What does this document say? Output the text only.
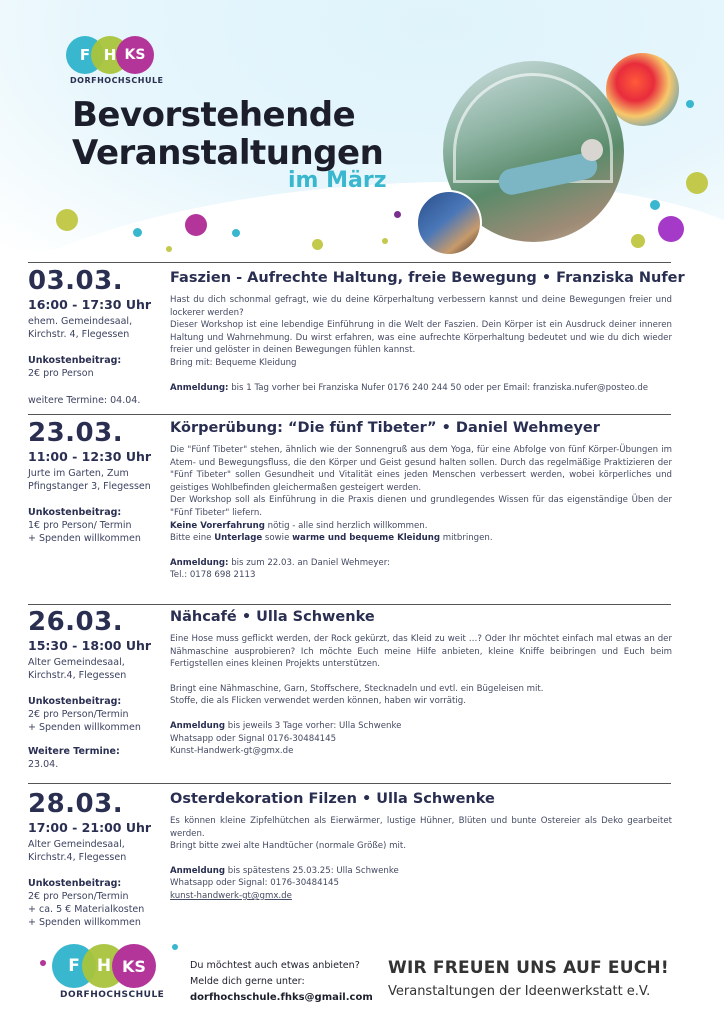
F H KS
DORFHOCHSCHULE
Bevorstehende
Veranstaltungen
im März
03.03.
16:00 - 17:30 Uhr
ehem. Gemeindesaal,
Kirchstr. 4, Flegessen
Unkostenbeitrag:
2€ pro Person
weitere Termine: 04.04.
Faszien - Aufrechte Haltung, freie Bewegung • Franziska Nufer

Hast du dich schonmal gefragt, wie du deine Körperhaltung verbessern kannst und deine Bewegungen freier und lockerer werden?

Dieser Workshop ist eine lebendige Einführung in die Welt der Faszien. Dein Körper ist ein Ausdruck deiner inneren Haltung und Wahrnehmung. Du wirst erfahren, was eine aufrechte Körperhaltung bedeutet und wie du dich wieder freier und gelöster in deinen Bewegungen fühlen kannst.

Bring mit: Bequeme Kleidung

Anmeldung: bis 1 Tag vorher bei Franziska Nufer 0176 240 244 50 oder per Email: franziska.nufer@posteo.de

23.03.
11:00 - 12:30 Uhr
Jurte im Garten, Zum
Pfingstanger 3, Flegessen
Unkostenbeitrag:
1€ pro Person/ Termin
+ Spenden willkommen
Körperübung: “Die fünf Tibeter” • Daniel Wehmeyer

Die "Fünf Tibeter" stehen, ähnlich wie der Sonnengruß aus dem Yoga, für eine Abfolge von fünf Körper-Übungen im Atem- und Bewegungsfluss, die den Körper und Geist gesund halten sollen. Durch das regelmäßige Praktizieren der "Fünf Tibeter" sollen Gesundheit und Vitalität eines jeden Menschen verbessert werden, wobei körperliches und geistiges Wohlbefinden gleichermaßen gesteigert werden.

Der Workshop soll als Einführung in die Praxis dienen und grundlegendes Wissen für das eigenständige Üben der "Fünf Tibeter" liefern.

Keine Vorerfahrung nötig - alle sind herzlich willkommen.

Bitte eine Unterlage sowie warme und bequeme Kleidung mitbringen.

Anmeldung: bis zum 22.03. an Daniel Wehmeyer:

Tel.: 0178 698 2113

26.03.
15:30 - 18:00 Uhr
Alter Gemeindesaal,
Kirchstr.4, Flegessen
Unkostenbeitrag:
2€ pro Person/Termin
+ Spenden willkommen
Weitere Termine:
23.04.
Nähcafé • Ulla Schwenke

Eine Hose muss geflickt werden, der Rock gekürzt, das Kleid zu weit …? Oder Ihr möchtet einfach mal etwas an der Nähmaschine ausprobieren? Ich möchte Euch meine Hilfe anbieten, kleine Kniffe beibringen und Euch beim Fertigstellen eines kleinen Projekts unterstützen.

Bringt eine Nähmaschine, Garn, Stoffschere, Stecknadeln und evtl. ein Bügeleisen mit.

Stoffe, die als Flicken verwendet werden können, haben wir vorrätig.

Anmeldung bis jeweils 3 Tage vorher: Ulla Schwenke

Whatsapp oder Signal 0176-30484145

Kunst-Handwerk-gt@gmx.de

28.03.
17:00 - 21:00 Uhr
Alter Gemeindesaal,
Kirchstr.4, Flegessen
Unkostenbeitrag:
2€ pro Person/Termin
+ ca. 5 € Materialkosten
+ Spenden willkommen
Osterdekoration Filzen • Ulla Schwenke

Es können kleine Zipfelhütchen als Eierwärmer, lustige Hühner, Blüten und bunte Ostereier als Deko gearbeitet werden.

Bringt bitte zwei alte Handtücher (normale Größe) mit.

Anmeldung bis spätestens 25.03.25: Ulla Schwenke

Whatsapp oder Signal: 0176-30484145

kunst-handwerk-gt@gmx.de

F	H KS
DORFHOCHSCHULE
Du möchtest auch etwas anbieten?
Melde dich gerne unter:
dorfhochschule.fhks@gmail.com
WIR FREUEN UNS AUF EUCH!
Veranstaltungen der Ideenwerkstatt e.V.
